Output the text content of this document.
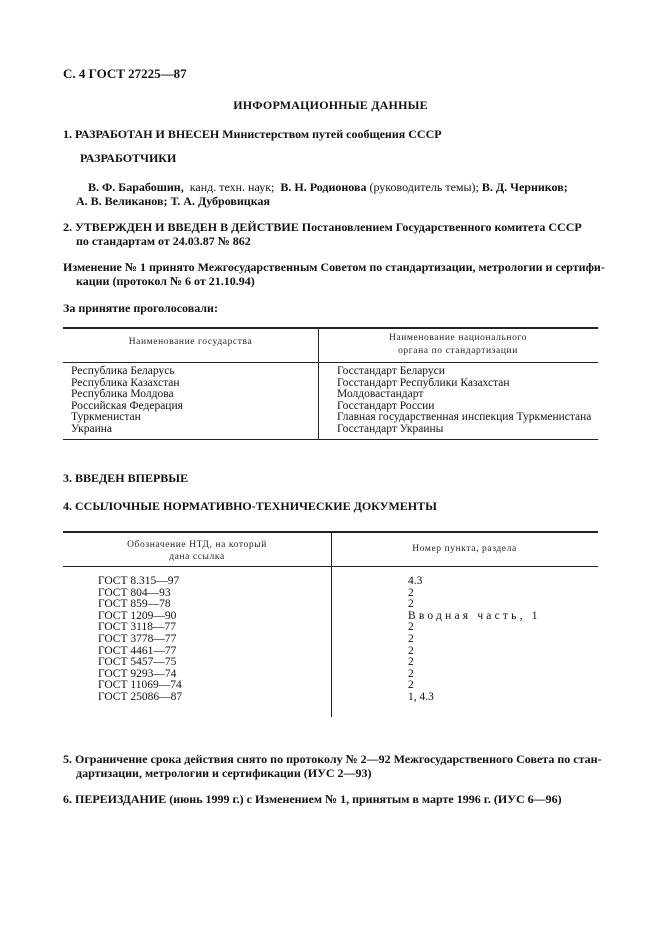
С. 4 ГОСТ 27225—87
ИНФОРМАЦИОННЫЕ ДАННЫЕ
1. РАЗРАБОТАН И ВНЕСЕН Министерством путей сообщения СССР
РАЗРАБОТЧИКИ
В. Ф. Барабошин, канд. техн. наук; В. Н. Родионова (руководитель темы); В. Д. Черников;
А. В. Великанов; Т. А. Дубровицкая
2. УТВЕРЖДЕН И ВВЕДЕН В ДЕЙСТВИЕ Постановлением Государственного комитета СССР
по стандартам от 24.03.87 № 862
Изменение № 1 принято Межгосударственным Советом по стандартизации, метрологии и сертифи-
кации (протокол № 6 от 21.10.94)
За принятие проголосовали:
Наименование государства	Наименование национального
органа по стандартизации
Республика Беларусь
Республика Казахстан
Республика Молдова
Российская Федерация
Туркменистан
Украина
Госстандарт Беларуси
Госстандарт Республики Казахстан
Молдовастандарт
Госстандарт России
Главная государственная инспекция Туркменистана
Госстандарт Украины
3. ВВЕДЕН ВПЕРВЫЕ
4. ССЫЛОЧНЫЕ НОРМАТИВНО-ТЕХНИЧЕСКИЕ ДОКУМЕНТЫ
Обозначение НТД, на который
дана ссылка
Номер пункта, раздела
ГОСТ 8.315—97
ГОСТ 804—93
ГОСТ 859—78
ГОСТ 1209—90
ГОСТ 3118—77
ГОСТ 3778—77
ГОСТ 4461—77
ГОСТ 5457—75
ГОСТ 9293—74
ГОСТ 11069—74
ГОСТ 25086—87
4.3
2
2
Вводная часть, 1
2
2
2
2
2
2
1, 4.3
5. Ограничение срока действия снято по протоколу № 2—92 Межгосударственного Совета по стан-
дартизации, метрологии и сертификации (ИУС 2—93)
6. ПЕРЕИЗДАНИЕ (июнь 1999 г.) с Изменением № 1, принятым в марте 1996 г. (ИУС 6—96)
